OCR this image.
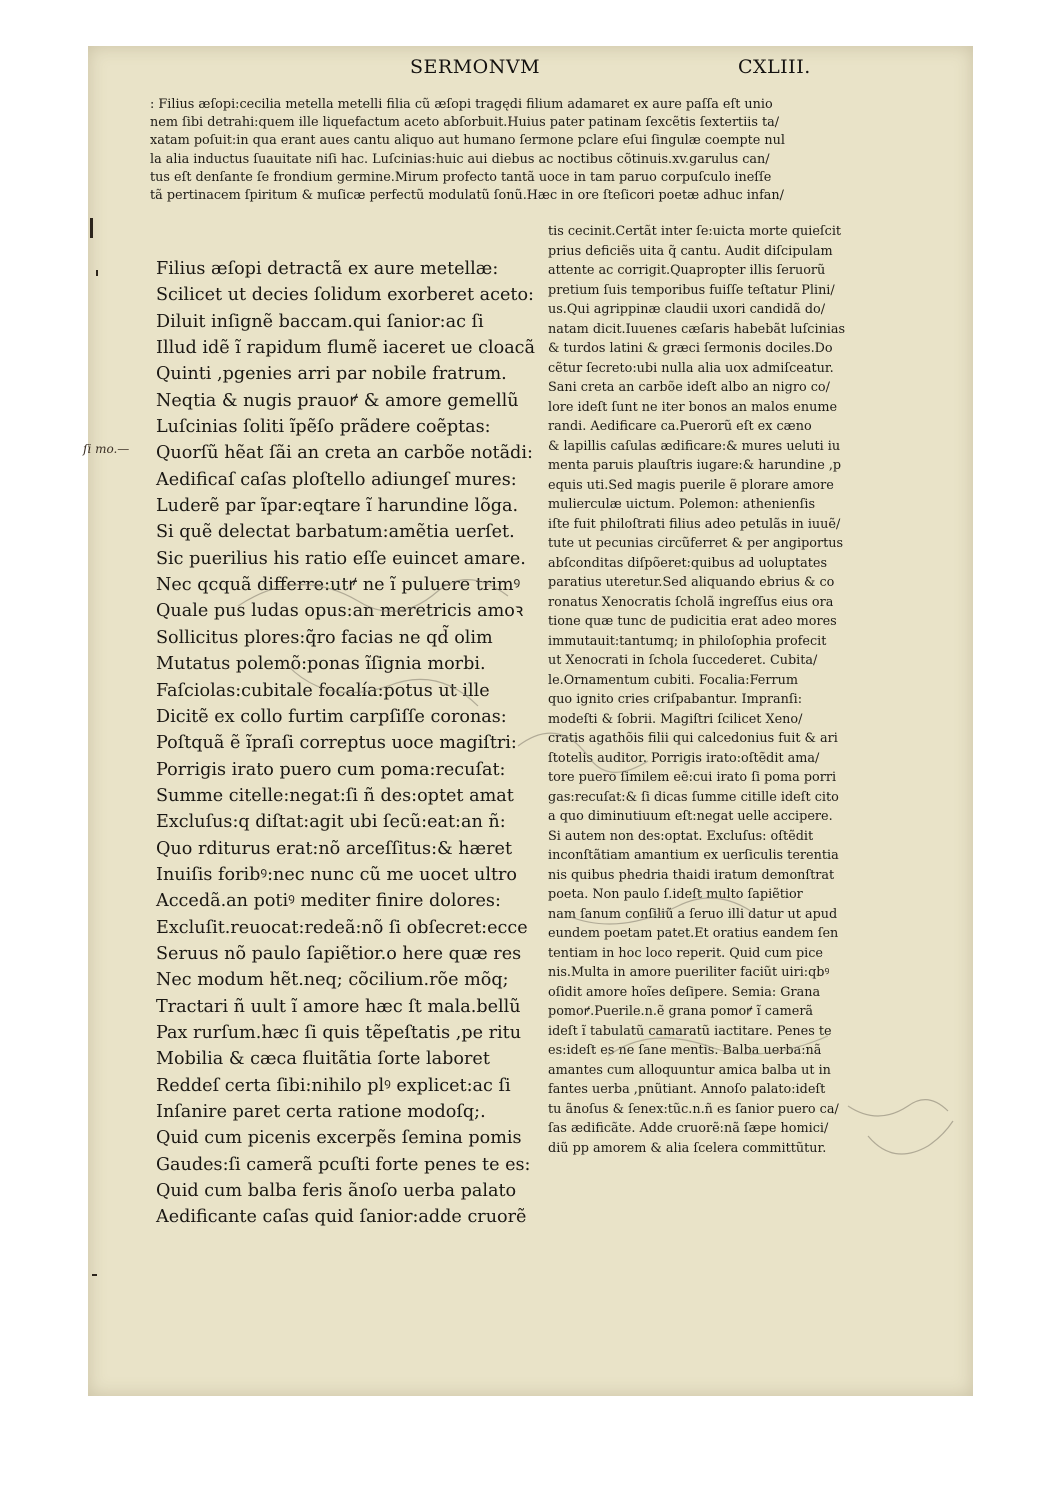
SERMONVM	CXLIII.
: Filius æſopi:cecilia metella metelli filia cũ æſopi tragędi filium adamaret ex aure paſſa eſt unio
nem ſibi detrahi:quem ille liquefactum aceto abſorbuit.Huius pater patinam ſexcẽtis ſextertiis ta/
xatam poſuit:in qua erant aues cantu aliquo aut humano ſermone pclare eſui ſingulæ coempte nul
la alia inductus ſuauitate niſi hac. Luſcinias:huic aui diebus ac noctibus cõtinuis.xv.garulus can/
tus eſt denſante ſe frondium germine.Mirum profecto tantã uoce in tam paruo corpuſculo ineſſe
tã pertinacem ſpiritum & muſicæ perfectũ modulatũ ſonũ.Hæc in ore ſteſicori poetæ adhuc infan/
Filius æſopi detractã ex aure metellæ:
Scilicet ut decies ſolidum exorberet aceto:
Diluit inſignẽ baccam.qui ſanior:ac ſi
Illud idẽ ĩ rapidum flumẽ iaceret ue cloacã
Quinti ,pgenies arri par nobile fratrum.
Neqtia & nugis prauoꝵ & amore gemellũ
Luſcinias ſoliti ĩpẽſo prãdere coẽptas:
Quorſũ hẽat ſãi an creta an carbõe notãdi:
Aedificaſ caſas ploſtello adiungeſ mures:
Luderẽ par ĩpar:eqtare ĩ harundine lõga.
Si quẽ delectat barbatum:amẽtia uerſet.
Sic puerilius his ratio eſſe euincet amare.
Nec qcquã differre:utꝵ ne ĩ puluere trimꝰ
Quale pus ludas opus:an meretricis amoꝛ
Sollicitus plores:q̃ro facias ne qd̃ olim
Mutatus polemõ:ponas ĩſignia morbi.
Faſciolas:cubitale focalía:potus ut ille
Dicitẽ ex collo furtim carpſiſſe coronas:
Poſtquã ẽ ĩpraſi correptus uoce magiſtri:
Porrigis irato puero cum poma:recuſat:
Summe citelle:negat:ſi ñ des:optet amat
Excluſus:q diſtat:agit ubi ſecũ:eat:an ñ:
Quo rditurus erat:nõ arceſſitus:& hæret
Inuiſis foribꝰ:nec nunc cũ me uocet ultro
Accedã.an potiꝰ mediter finire dolores:
Excluſit.reuocat:redeã:nõ ſi obſecret:ecce
Seruus nõ paulo ſapiẽtior.o here quæ res
Nec modum hẽt.neq; cõcilium.rõe mõq;
Tractari ñ uult ĩ amore hæc ſt mala.bellũ
Pax rurſum.hæc ſi quis tẽpeſtatis ,pe ritu
Mobilia & cæca fluitãtia ſorte laboret
Reddeſ certa ſibi:nihilo plꝰ explicet:ac ſi
Inſanire paret certa ratione modoſq;.
Quid cum picenis excerpẽs ſemina pomis
Gaudes:ſi camerã pcuſti forte penes te es:
Quid cum balba feris ãnoſo uerba palato
Aedificante caſas quid ſanior:adde cruorẽ
tis cecinit.Certãt inter ſe:uicta morte quieſcit
prius deficiẽs uita q̃ cantu. Audit diſcipulam
attente ac corrigit.Quapropter illis ſeruorũ
pretium ſuis temporibus fuiſſe teſtatur Plini/
us.Qui agrippinæ claudii uxori candidã do/
natam dicit.Iuuenes cæſaris habebãt luſcinias
& turdos latini & græci ſermonis dociles.Do
cẽtur ſecreto:ubi nulla alia uox admiſceatur.
Sani creta an carbõe ideſt albo an nigro co/
lore ideſt ſunt ne iter bonos an malos enume
randi. Aedificare ca.Puerorũ eſt ex cæno
& lapillis caſulas ædificare:& mures ueluti iu
menta paruis plauſtris iugare:& harundine ,p
equis uti.Sed magis puerile ẽ plorare amore
mulierculæ uictum. Polemon: athenienſis
iſte fuit philoſtrati filius adeo petulãs in iuuẽ/
tute ut pecunias circũferret & per angiportus
abſconditas diſpõeret:quibus ad uoluptates
paratius uteretur.Sed aliquando ebrius & co
ronatus Xenocratis ſcholã ingreſſus eius ora
tione quæ tunc de pudicitia erat adeo mores
immutauit:tantumq; in philoſophia profecit
ut Xenocrati in ſchola ſuccederet. Cubita/
le.Ornamentum cubiti. Focalia:Ferrum
quo ignito cries criſpabantur. Impranſi:
modeſti & ſobrii. Magiſtri ſcilicet Xeno/
cratis agathõis filii qui calcedonius fuit & ari
ſtotelis auditor. Porrigis irato:oſtẽdit ama/
tore puero ſimilem eẽ:cui irato ſi poma porri
gas:recuſat:& ſi dicas ſumme citille ideſt cito
a quo diminutiuum eſt:negat uelle accipere.
Si autem non des:optat. Excluſus: oſtẽdit
inconſtãtiam amantium ex uerſiculis terentia
nis quibus phedria thaidi iratum demonſtrat
poeta. Non paulo ſ.ideſt multo ſapiẽtior
nam ſanum conſiliũ a ſeruo illi datur ut apud
eundem poetam patet.Et oratius eandem ſen
tentiam in hoc loco reperit. Quid cum pice
nis.Multa in amore pueriliter faciũt uiri:qbꝰ
oſidit amore hoĩes deſipere. Semia: Grana
pomoꝵ.Puerile.n.ẽ grana pomoꝵ ĩ camerã
ideſt ĩ tabulatũ camaratũ iactitare. Penes te
es:ideſt es ne ſane mentis. Balba uerba:nã
amantes cum alloquuntur amica balba ut in
fantes uerba ,pnũtiant. Annoſo palato:ideſt
tu ãnoſus & ſenex:tũc.n.ñ es ſanior puero ca/
ſas ædificãte. Adde cruorẽ:nã ſæpe homici/
diũ pp amorem & alia ſcelera committũtur.
ſi mo.—
